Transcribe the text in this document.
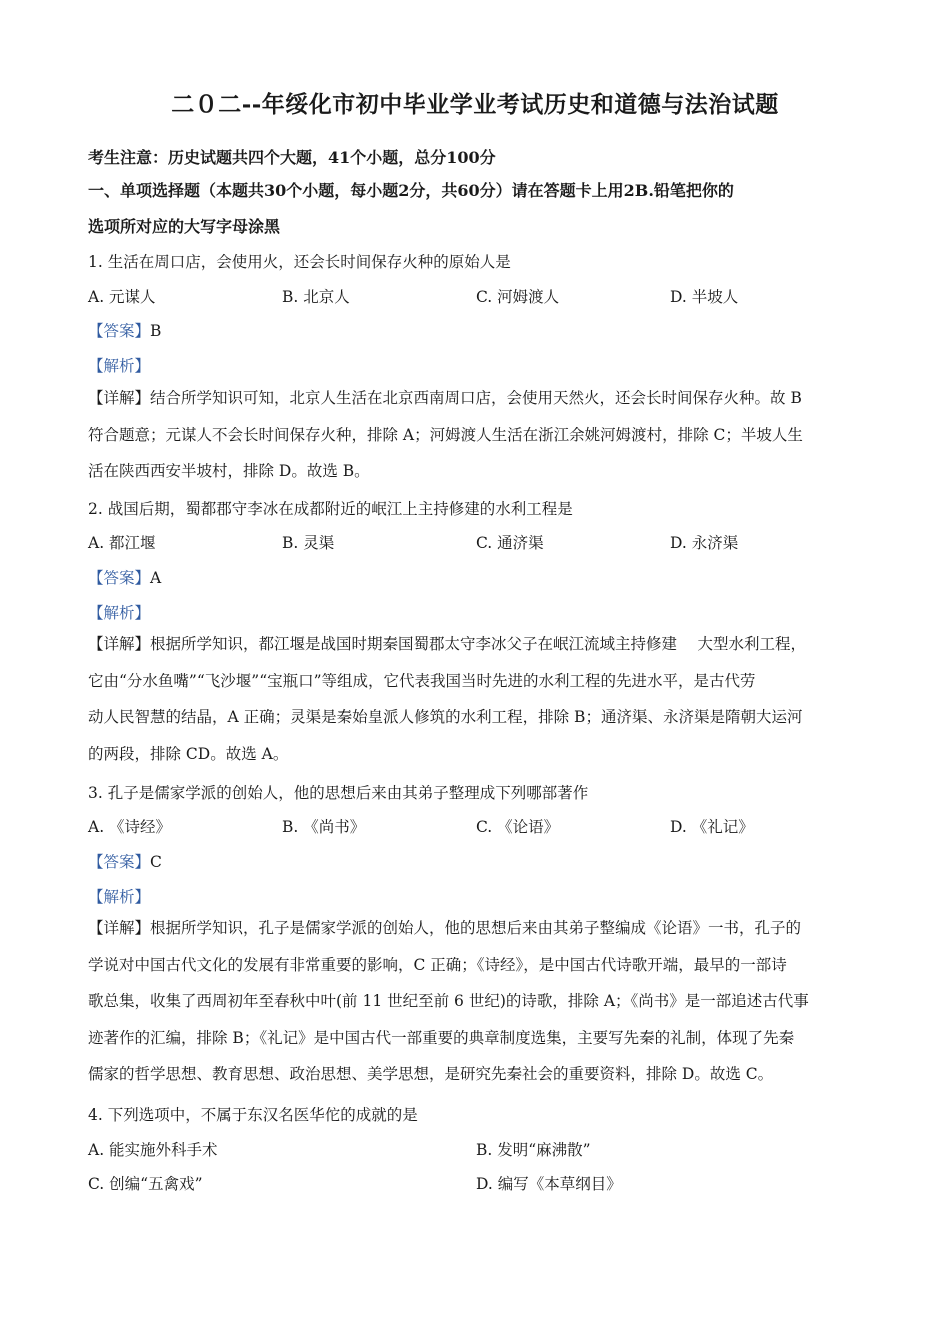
二０二--年绥化市初中毕业学业考试历史和道德与法治试题
考生注意：历史试题共四个大题，41个小题，总分100分
一、单项选择题（本题共30个小题，每小题2分，共60分）请在答题卡上用2B.铅笔把你的
选项所对应的大写字母涂黑
1. 生活在周口店，会使用火，还会长时间保存火种的原始人是
A. 元谋人	B. 北京人	C. 河姆渡人	D. 半坡人
【答案】B
【解析】
【详解】结合所学知识可知，北京人生活在北京西南周口店，会使用天然火，还会长时间保存火种。故 B
符合题意；元谋人不会长时间保存火种，排除 A；河姆渡人生活在浙江余姚河姆渡村，排除 C；半坡人生
活在陕西西安半坡村，排除 D。故选 B。
2. 战国后期，蜀都郡守李冰在成都附近的岷江上主持修建的水利工程是
A. 都江堰	B. 灵渠	C. 通济渠	D. 永济渠
【答案】A
【解析】
【详解】根据所学知识，都江堰是战国时期秦国蜀郡太守李冰父子在岷江流域主持修建　 大型水利工程，
它由“分水鱼嘴”“飞沙堰”“宝瓶口”等组成，它代表我国当时先进的水利工程的先进水平，是古代劳
动人民智慧的结晶，A 正确；灵渠是秦始皇派人修筑的水利工程，排除 B；通济渠、永济渠是隋朝大运河
的两段，排除 CD。故选 A。
3. 孔子是儒家学派的创始人，他的思想后来由其弟子整理成下列哪部著作
A. 《诗经》	B. 《尚书》	C. 《论语》	D. 《礼记》
【答案】C
【解析】
【详解】根据所学知识，孔子是儒家学派的创始人，他的思想后来由其弟子整编成《论语》一书，孔子的
学说对中国古代文化的发展有非常重要的影响，C 正确；《诗经》，是中国古代诗歌开端，最早的一部诗
歌总集，收集了西周初年至春秋中叶(前 11 世纪至前 6 世纪)的诗歌，排除 A；《尚书》是一部追述古代事
迹著作的汇编，排除 B；《礼记》是中国古代一部重要的典章制度选集，主要写先秦的礼制，体现了先秦
儒家的哲学思想、教育思想、政治思想、美学思想，是研究先秦社会的重要资料，排除 D。故选 C。
4. 下列选项中，不属于东汉名医华佗的成就的是
A. 能实施外科手术	B. 发明“麻沸散”
C. 创编“五禽戏”	D. 编写《本草纲目》
